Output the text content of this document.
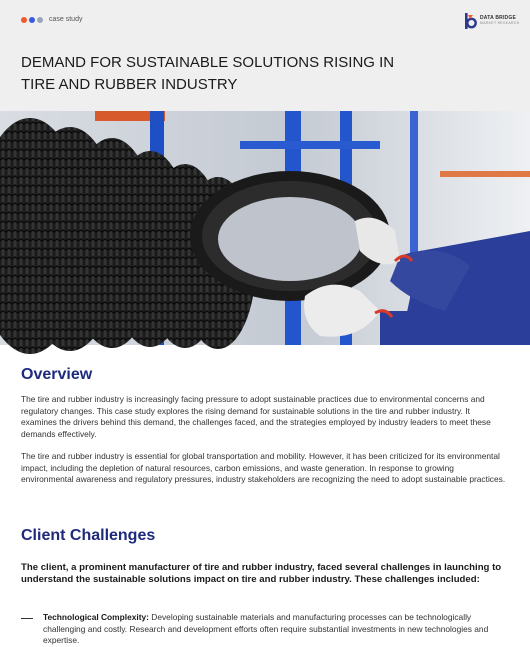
case study	DATA BRIDGE
MARKET RESEARCH
DEMAND FOR SUSTAINABLE SOLUTIONS RISING IN TIRE AND RUBBER INDUSTRY
Overview

The tire and rubber industry is increasingly facing pressure to adopt sustainable practices due to environmental concerns and regulatory changes. This case study explores the rising demand for sustainable solutions in the tire and rubber industry. It examines the drivers behind this demand, the challenges faced, and the strategies employed by industry leaders to meet these demands effectively.

The tire and rubber industry is essential for global transportation and mobility. However, it has been criticized for its environmental impact, including the depletion of natural resources, carbon emissions, and waste generation. In response to growing environmental awareness and regulatory pressures, industry stakeholders are recognizing the need to adopt sustainable practices.

Client Challenges

The client, a prominent manufacturer of tire and rubber industry, faced several challenges in launching to understand the sustainable solutions impact on tire and rubber industry. These challenges included:

Technological Complexity: Developing sustainable materials and manufacturing processes can be technologically challenging and costly. Research and development efforts often require substantial investments in new technologies and expertise.
